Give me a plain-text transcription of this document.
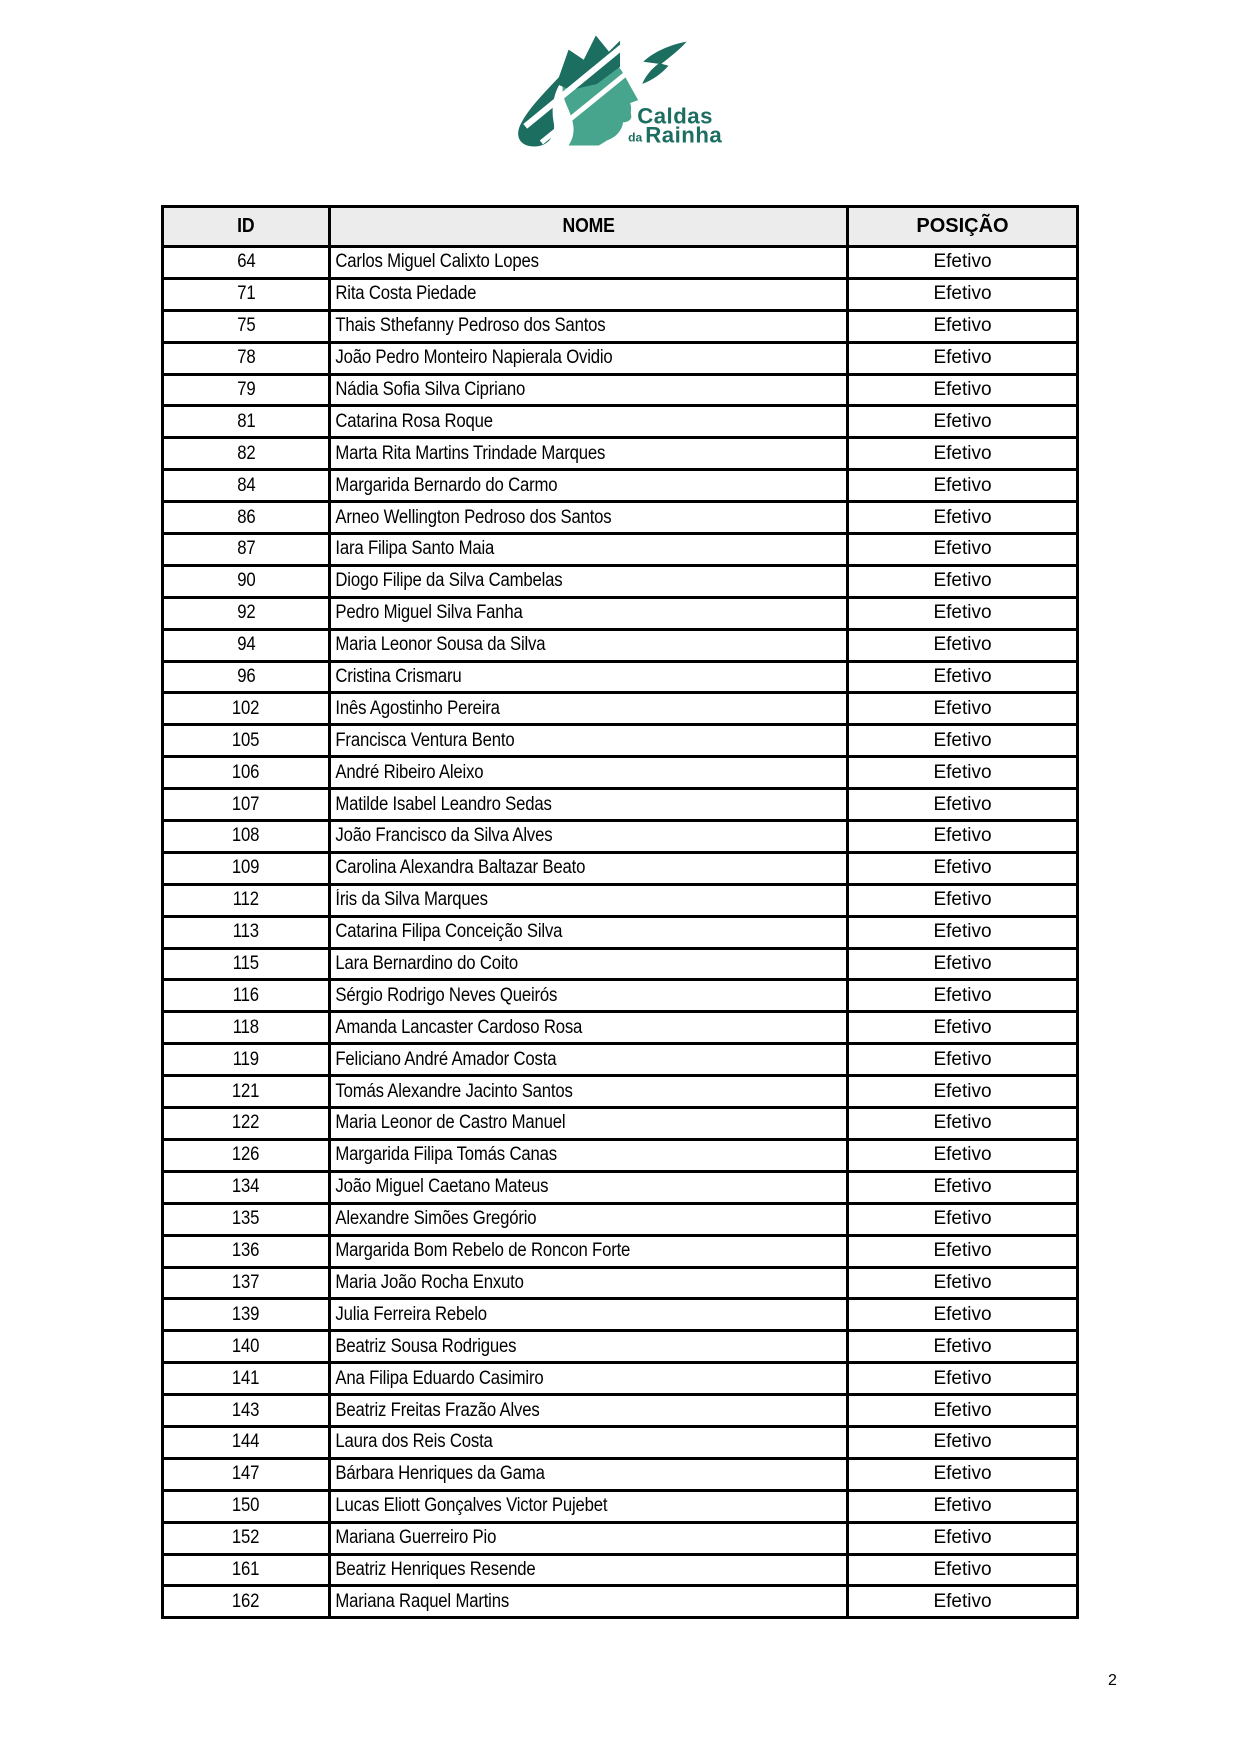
Caldas
da Rainha
ID	NOME	POSIÇÃO
64	Carlos Miguel Calixto Lopes	Efetivo
71	Rita Costa Piedade	Efetivo
75	Thais Sthefanny Pedroso dos Santos	Efetivo
78	João Pedro Monteiro Napierala Ovidio	Efetivo
79	Nádia Sofia Silva Cipriano	Efetivo
81	Catarina Rosa Roque	Efetivo
82	Marta Rita Martins Trindade Marques	Efetivo
84	Margarida Bernardo do Carmo	Efetivo
86	Arneo Wellington Pedroso dos Santos	Efetivo
87	Iara Filipa Santo Maia	Efetivo
90	Diogo Filipe da Silva Cambelas	Efetivo
92	Pedro Miguel Silva Fanha	Efetivo
94	Maria Leonor Sousa da Silva	Efetivo
96	Cristina Crismaru	Efetivo
102	Inês Agostinho Pereira	Efetivo
105	Francisca Ventura Bento	Efetivo
106	André Ribeiro Aleixo	Efetivo
107	Matilde Isabel Leandro Sedas	Efetivo
108	João Francisco da Silva Alves	Efetivo
109	Carolina Alexandra Baltazar Beato	Efetivo
112	Íris da Silva Marques	Efetivo
113	Catarina Filipa Conceição Silva	Efetivo
115	Lara Bernardino do Coito	Efetivo
116	Sérgio Rodrigo Neves Queirós	Efetivo
118	Amanda Lancaster Cardoso Rosa	Efetivo
119	Feliciano André Amador Costa	Efetivo
121	Tomás Alexandre Jacinto Santos	Efetivo
122	Maria Leonor de Castro Manuel	Efetivo
126	Margarida Filipa Tomás Canas	Efetivo
134	João Miguel Caetano Mateus	Efetivo
135	Alexandre Simões Gregório	Efetivo
136	Margarida Bom Rebelo de Roncon Forte	Efetivo
137	Maria João Rocha Enxuto	Efetivo
139	Julia Ferreira Rebelo	Efetivo
140	Beatriz Sousa Rodrigues	Efetivo
141	Ana Filipa Eduardo Casimiro	Efetivo
143	Beatriz Freitas Frazão Alves	Efetivo
144	Laura dos Reis Costa	Efetivo
147	Bárbara Henriques da Gama	Efetivo
150	Lucas Eliott Gonçalves Victor Pujebet	Efetivo
152	Mariana Guerreiro Pio	Efetivo
161	Beatriz Henriques Resende	Efetivo
162	Mariana Raquel Martins	Efetivo
2
